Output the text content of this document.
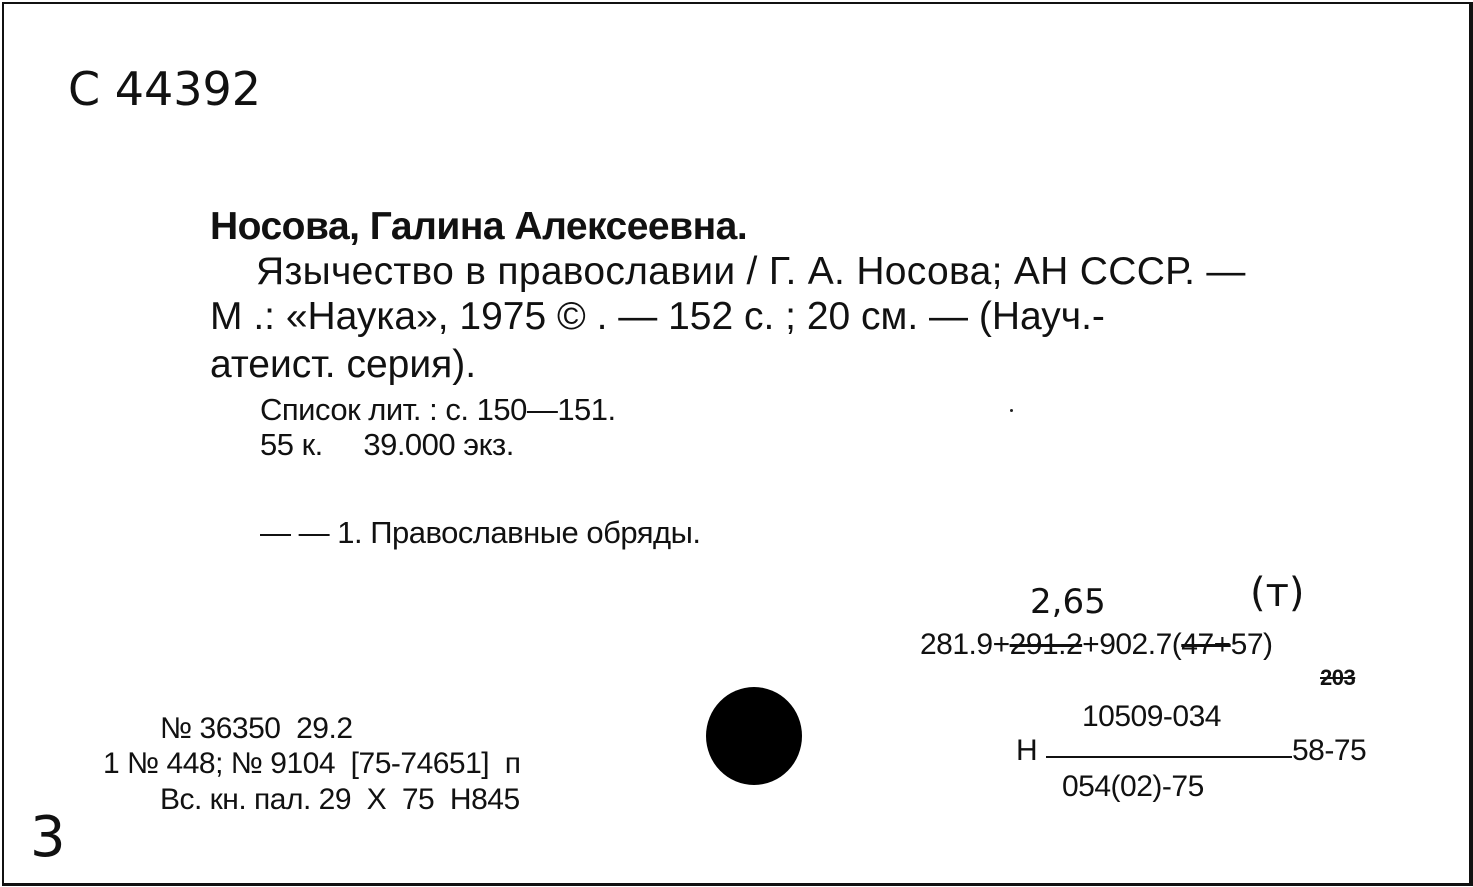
C 44392
Носова, Галина Алексеевна.
Язычество в православии / Г. А. Носова; АН СССР. —
М .: «Наука», 1975 © . — 152 с. ; 20 см. — (Науч.-
атеист. серия).
Список лит. : с. 150—151.
55 к.     39.000 экз.
— — 1. Православные обряды.
2,65	(т)
281.9+291.2+902.7(47+57)
203
№ 36350  29.2
1 № 448; № 9104  [75-74651]  п
Вс. кн. пал. 29  Х  75  Н845
10509-034
Н	58-75
054(02)-75
3
